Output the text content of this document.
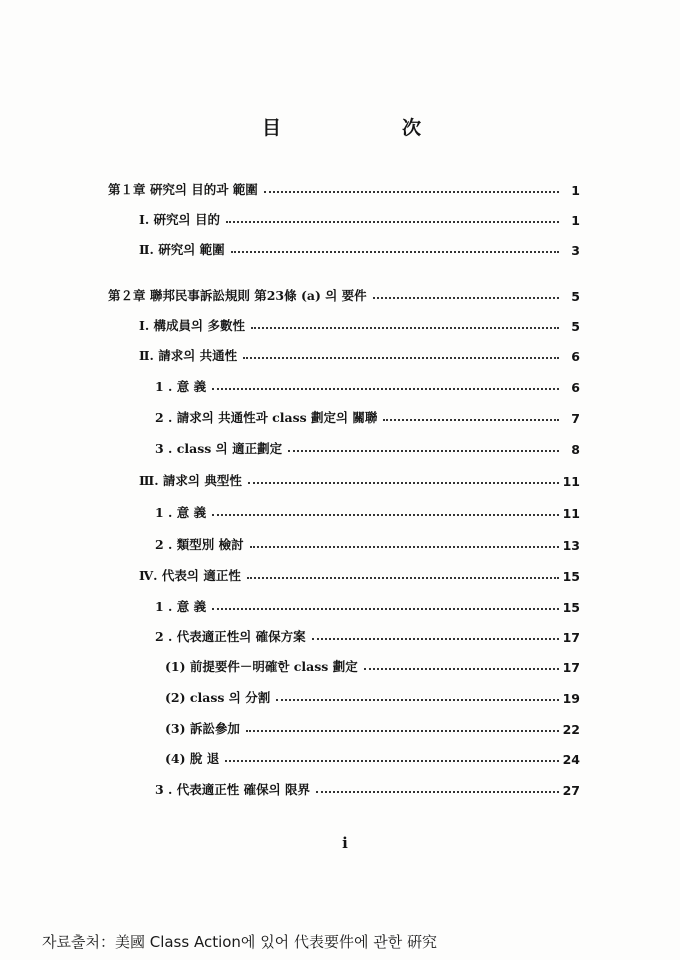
目	次
第１章 硏究의 目的과 範圍	1
Ⅰ. 硏究의 目的	1
Ⅱ. 硏究의 範圍	3
第２章 聯邦民事訴訟規則 第23條 (a) 의 要件	5
Ⅰ. 構成員의 多數性	5
Ⅱ. 請求의 共通性	6
1 . 意 義	6
2 . 請求의 共通性과 class 劃定의 關聯	7
3 . class 의 適正劃定	8
Ⅲ. 請求의 典型性	11
1 . 意 義	11
2 . 類型別 檢討	13
Ⅳ. 代表의 適正性	15
1 . 意 義	15
2 . 代表適正性의 確保方案	17
(1) 前提要件－明確한 class 劃定	17
(2) class 의 分割	19
(3) 訴訟參加	22
(4) 脫 退	24
3 . 代表適正性 確保의 限界	27
i
자료출처：美國 Class Action에 있어 代表要件에 관한 硏究
